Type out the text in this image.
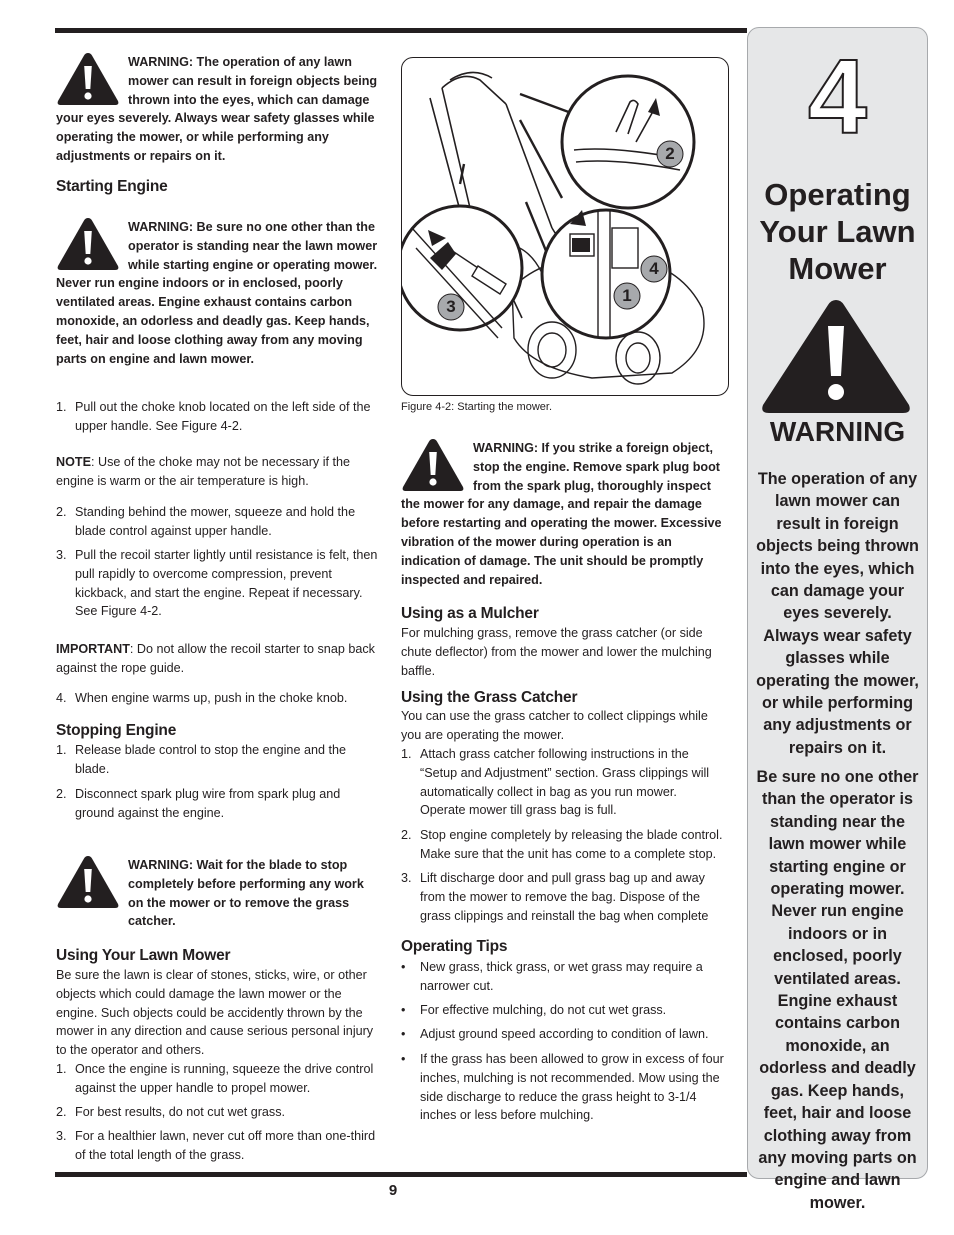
WARNING: The operation of any lawn mower can result in foreign objects being thrown into the eyes, which can damage your eyes severely. Always wear safety glasses while operating the mower, or while performing any adjustments or repairs on it.
Starting Engine
WARNING: Be sure no one other than the operator is standing near the lawn mower while starting engine or operating mower. Never run engine indoors or in enclosed, poorly ventilated areas. Engine exhaust contains carbon monoxide, an odorless and deadly gas. Keep hands, feet, hair and loose clothing away from any moving parts on engine and lawn mower.
1. Pull out the choke knob located on the left side of the upper handle. See Figure 4-2.
NOTE: Use of the choke may not be necessary if the engine is warm or the air temperature is high.
2. Standing behind the mower, squeeze and hold the blade control against upper handle.
3. Pull the recoil starter lightly until resistance is felt, then pull rapidly to overcome compression, prevent kickback, and start the engine. Repeat if necessary. See Figure 4-2.
IMPORTANT: Do not allow the recoil starter to snap back against the rope guide.
4. When engine warms up, push in the choke knob.
Stopping Engine
1. Release blade control to stop the engine and the blade.
2. Disconnect spark plug wire from spark plug and ground against the engine.
WARNING: Wait for the blade to stop completely before performing any work on the mower or to remove the grass catcher.
Using Your Lawn Mower
Be sure the lawn is clear of stones, sticks, wire, or other objects which could damage the lawn mower or the engine. Such objects could be accidently thrown by the mower in any direction and cause serious personal injury to the operator and others.
1. Once the engine is running, squeeze the drive control against the upper handle to propel mower.
2. For best results, do not cut wet grass.
3. For a healthier lawn, never cut off more than one-third of the total length of the grass.
1
2
3
4
Figure 4-2: Starting the mower.
WARNING: If you strike a foreign object, stop the engine. Remove spark plug boot from the spark plug, thoroughly inspect the mower for any damage, and repair the damage before restarting and operating the mower. Excessive vibration of the mower during operation is an indication of damage. The unit should be promptly inspected and repaired.
Using as a Mulcher
For mulching grass, remove the grass catcher (or side chute deflector) from the mower and lower the mulching baffle.
Using the Grass Catcher
You can use the grass catcher to collect clippings while you are operating the mower.
1. Attach grass catcher following instructions in the “Setup and Adjustment” section. Grass clippings will automatically collect in bag as you run mower. Operate mower till grass bag is full.
2. Stop engine completely by releasing the blade control. Make sure that the unit has come to a complete stop.
3. Lift discharge door and pull grass bag up and away from the mower to remove the bag. Dispose of the grass clippings and reinstall the bag when complete
Operating Tips
• New grass, thick grass, or wet grass may require a narrower cut.
• For effective mulching, do not cut wet grass.
• Adjust ground speed according to condition of lawn.
• If the grass has been allowed to grow in excess of four inches, mulching is not recommended. Mow using the side discharge to reduce the grass height to 3-1/4 inches or less before mulching.
9
4
Operating
Your Lawn
Mower
WARNING
The operation of any lawn mower can result in foreign objects being thrown into the eyes, which can damage your eyes severely. Always wear safety glasses while operating the mower, or while performing any adjustments or repairs on it.
Be sure no one other than the operator is standing near the lawn mower while starting engine or operating mower. Never run engine indoors or in enclosed, poorly ventilated areas. Engine exhaust contains carbon monoxide, an odorless and deadly gas. Keep hands, feet, hair and loose clothing away from any moving parts on engine and lawn mower.
